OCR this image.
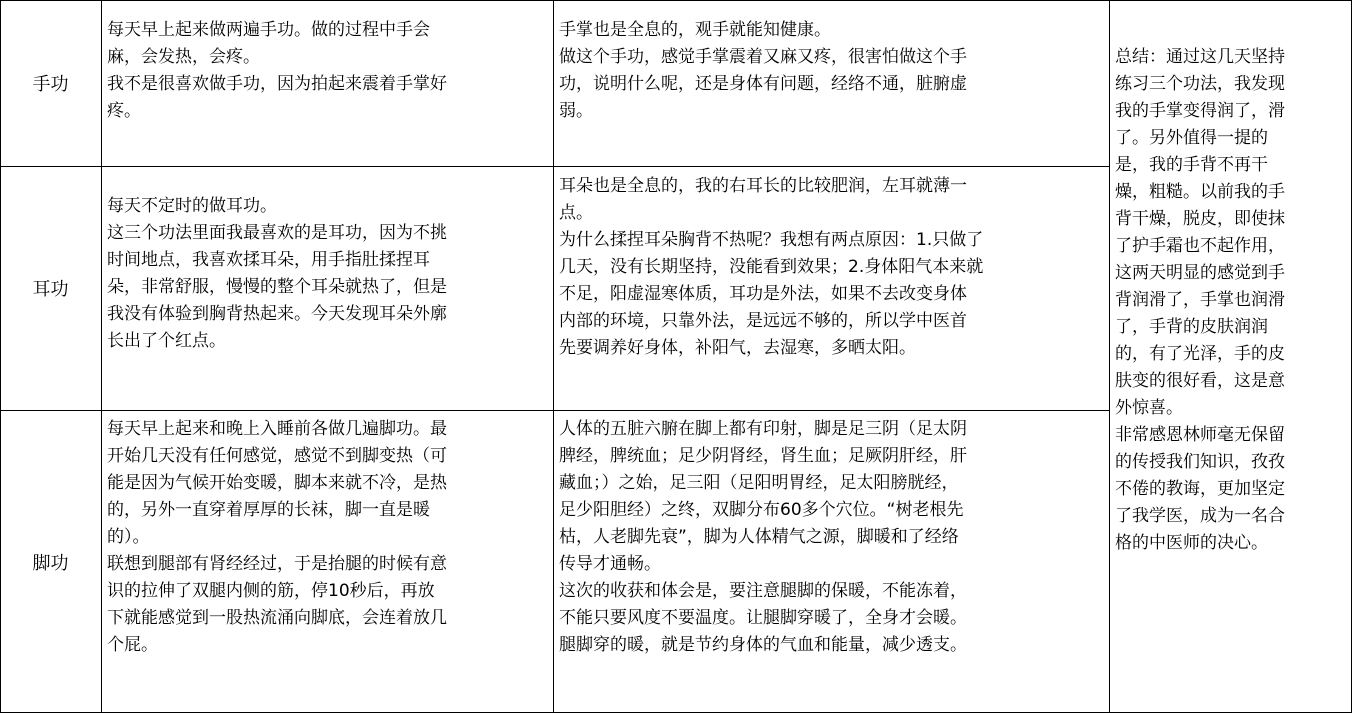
手功

每天早上起来做两遍手功。做的过程中手会
麻，会发热，会疼。

我不是很喜欢做手功，因为拍起来震着手掌好
疼。

手掌也是全息的，观手就能知健康。

做这个手功，感觉手掌震着又麻又疼，很害怕做这个手
功，说明什么呢，还是身体有问题，经络不通，脏腑虚
弱。

耳功

每天不定时的做耳功。

这三个功法里面我最喜欢的是耳功，因为不挑
时间地点，我喜欢揉耳朵，用手指肚揉捏耳
朵，非常舒服，慢慢的整个耳朵就热了，但是
我没有体验到胸背热起来。今天发现耳朵外廓
长出了个红点。

耳朵也是全息的，我的右耳长的比较肥润，左耳就薄一
点。

为什么揉捏耳朵胸背不热呢？我想有两点原因：1.只做了
几天，没有长期坚持，没能看到效果；2.身体阳气本来就
不足，阳虚湿寒体质，耳功是外法，如果不去改变身体
内部的环境，只靠外法，是远远不够的，所以学中医首
先要调养好身体，补阳气，去湿寒，多晒太阳。

脚功

每天早上起来和晚上入睡前各做几遍脚功。最
开始几天没有任何感觉，感觉不到脚变热（可
能是因为气候开始变暖，脚本来就不冷，是热
的，另外一直穿着厚厚的长袜，脚一直是暖
的）。

联想到腿部有肾经经过，于是抬腿的时候有意
识的拉伸了双腿内侧的筋，停10秒后，再放
下就能感觉到一股热流涌向脚底，会连着放几
个屁。

人体的五脏六腑在脚上都有印射，脚是足三阴（足太阴
脾经，脾统血；足少阴肾经，肾生血；足厥阴肝经，肝
藏血；）之始，足三阳（足阳明胃经，足太阳膀胱经，
足少阳胆经）之终，双脚分布60多个穴位。“树老根先
枯，人老脚先衰”，脚为人体精气之源，脚暖和了经络
传导才通畅。

这次的收获和体会是，要注意腿脚的保暖，不能冻着，
不能只要风度不要温度。让腿脚穿暖了，全身才会暖。
腿脚穿的暖，就是节约身体的气血和能量，减少透支。

总结：通过这几天坚持
练习三个功法，我发现
我的手掌变得润了，滑
了。另外值得一提的
是，我的手背不再干
燥，粗糙。以前我的手
背干燥，脱皮，即使抹
了护手霜也不起作用，
这两天明显的感觉到手
背润滑了，手掌也润滑
了，手背的皮肤润润
的，有了光泽，手的皮
肤变的很好看，这是意
外惊喜。

非常感恩林师毫无保留
的传授我们知识，孜孜
不倦的教诲，更加坚定
了我学医，成为一名合
格的中医师的决心。
